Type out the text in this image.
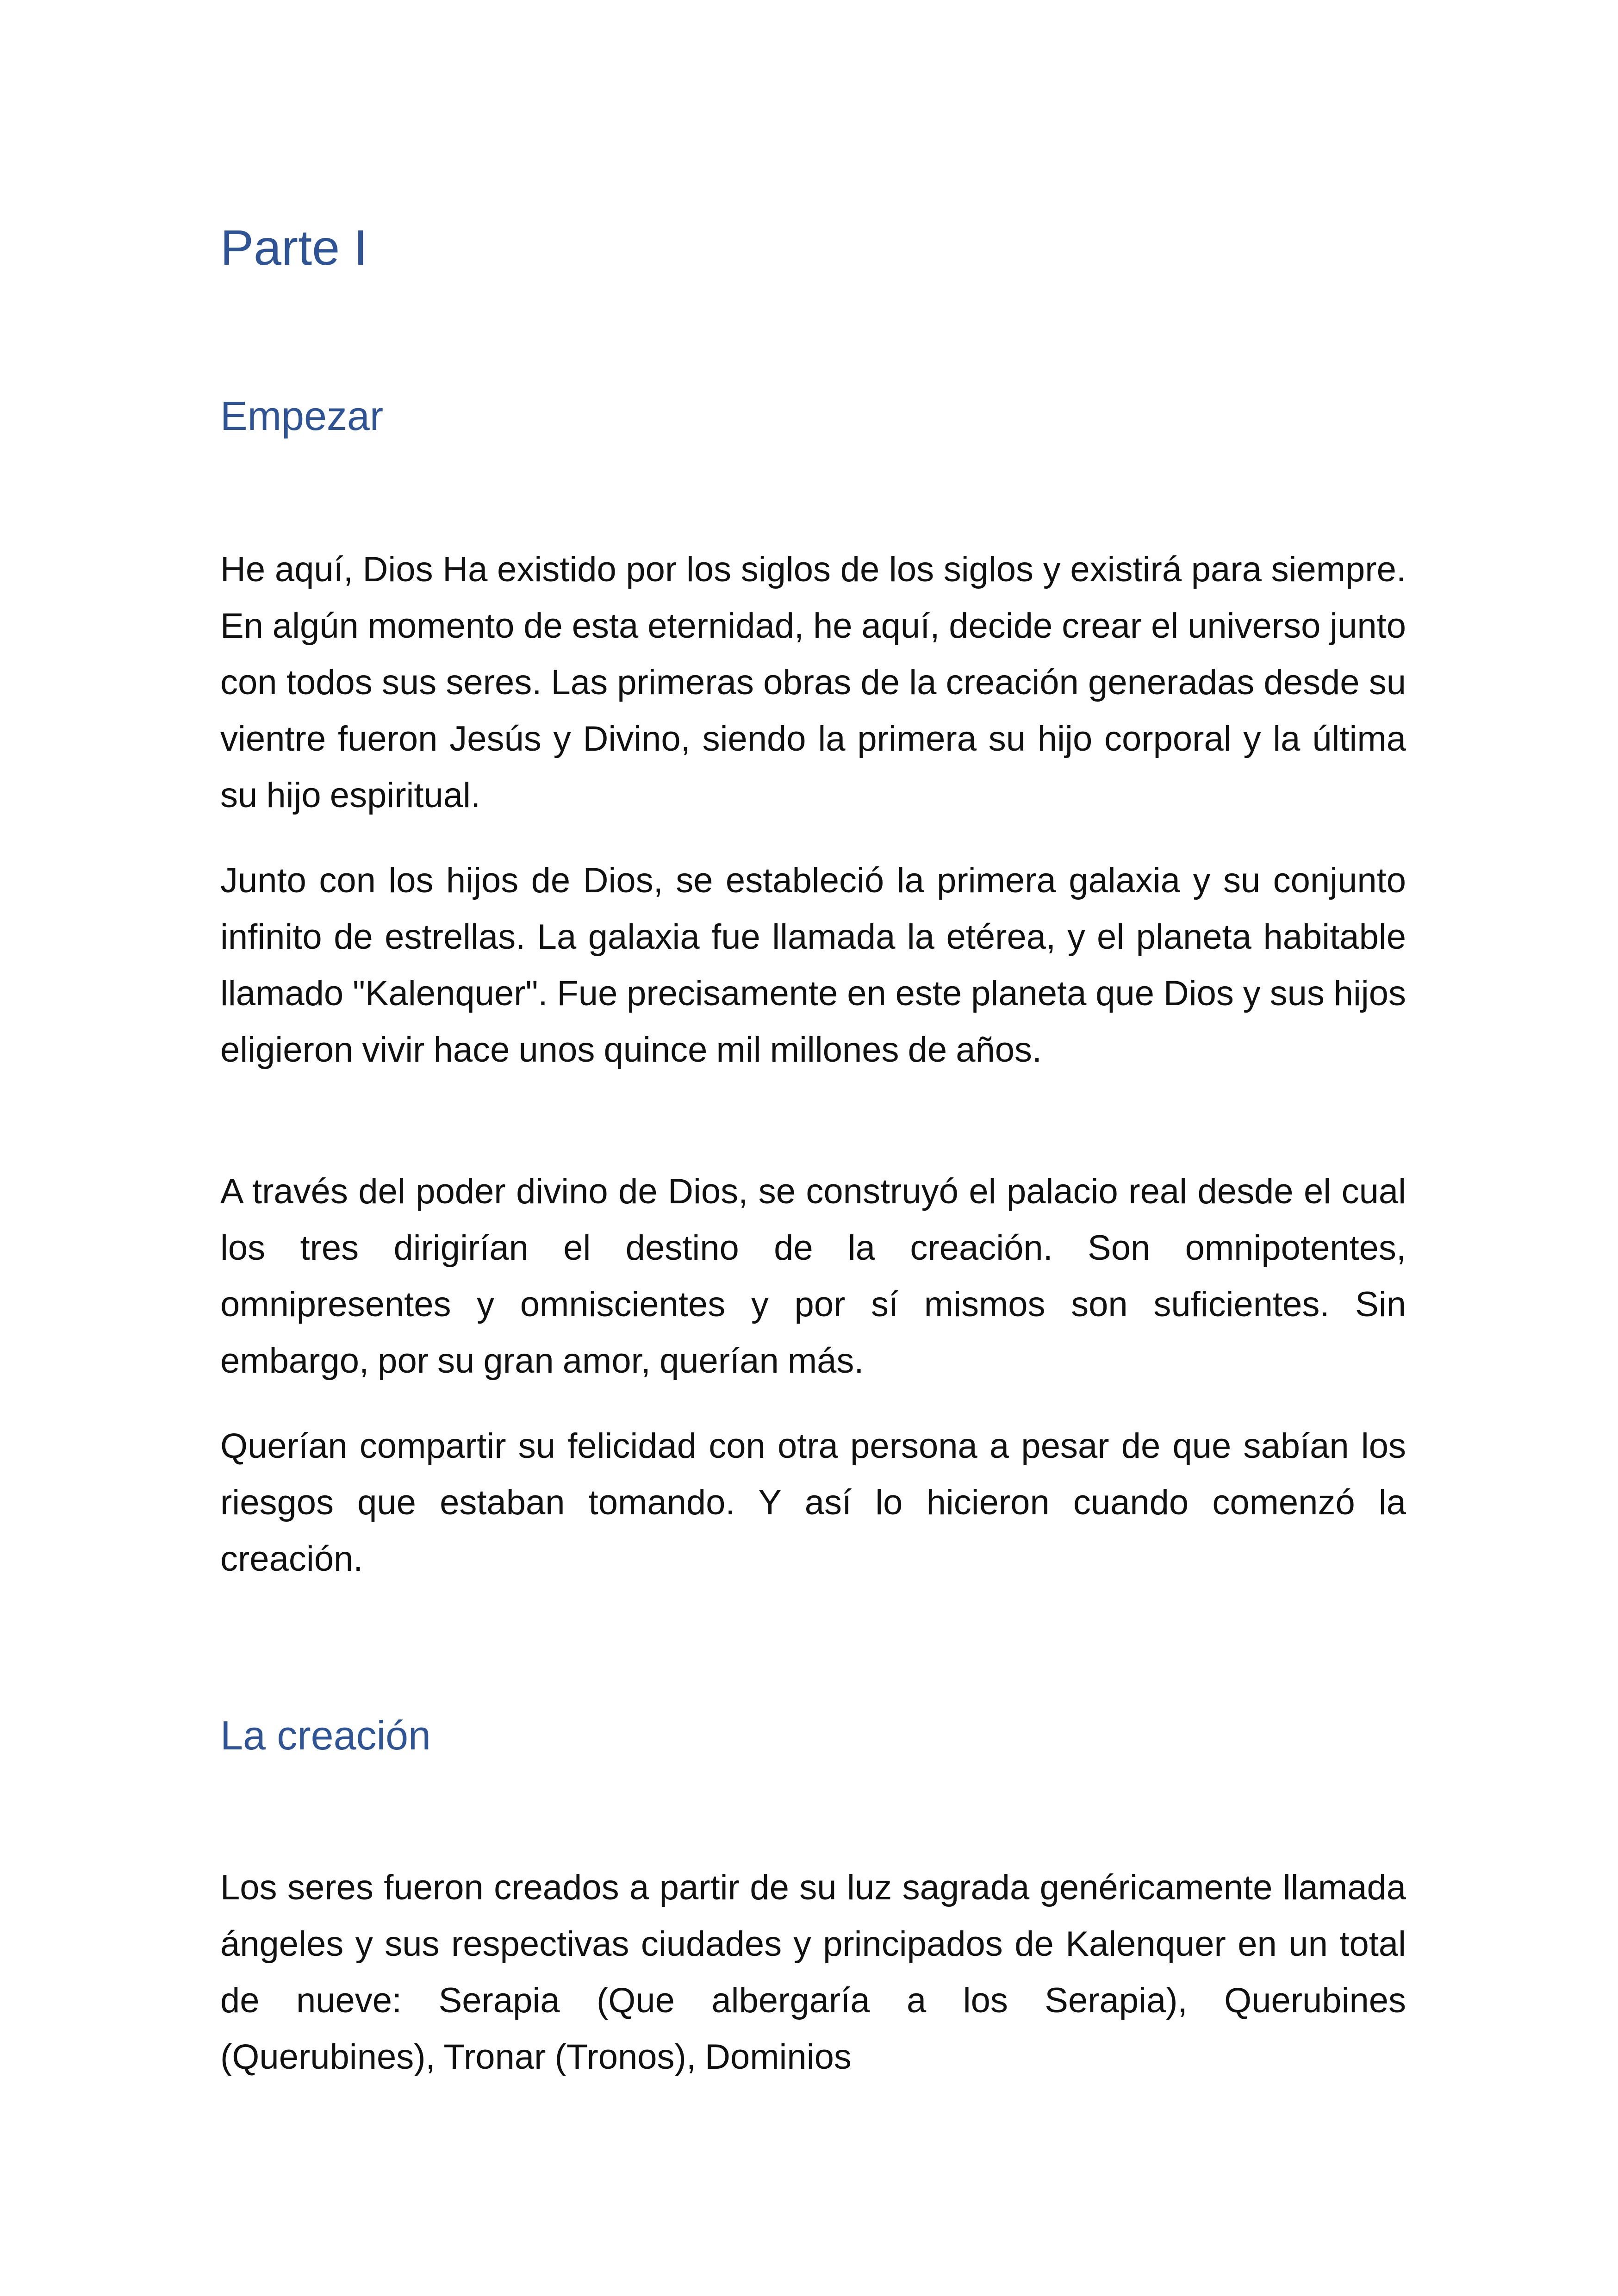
Parte I
Empezar

He aquí, Dios Ha existido por los siglos de los siglos y existirá para siempre. En algún momento de esta eternidad, he aquí, decide crear el universo junto con todos sus seres. Las primeras obras de la creación generadas desde su vientre fueron Jesús y Divino, siendo la primera su hijo corporal y la última su hijo espiritual.

Junto con los hijos de Dios, se estableció la primera galaxia y su conjunto infinito de estrellas. La galaxia fue llamada la etérea, y el planeta habitable llamado "Kalenquer". Fue precisamente en este planeta que Dios y sus hijos eligieron vivir hace unos quince mil millones de años.

A través del poder divino de Dios, se construyó el palacio real desde el cual los tres dirigirían el destino de la creación. Son omnipotentes, omnipresentes y omniscientes y por sí mismos son suficientes. Sin embargo, por su gran amor, querían más.

Querían compartir su felicidad con otra persona a pesar de que sabían los riesgos que estaban tomando. Y así lo hicieron cuando comenzó la creación.

La creación

Los seres fueron creados a partir de su luz sagrada genéricamente llamada ángeles y sus respectivas ciudades y principados de Kalenquer en un total de nueve: Serapia (Que albergaría a los Serapia), Querubines (Querubines), Tronar (Tronos), Dominios
